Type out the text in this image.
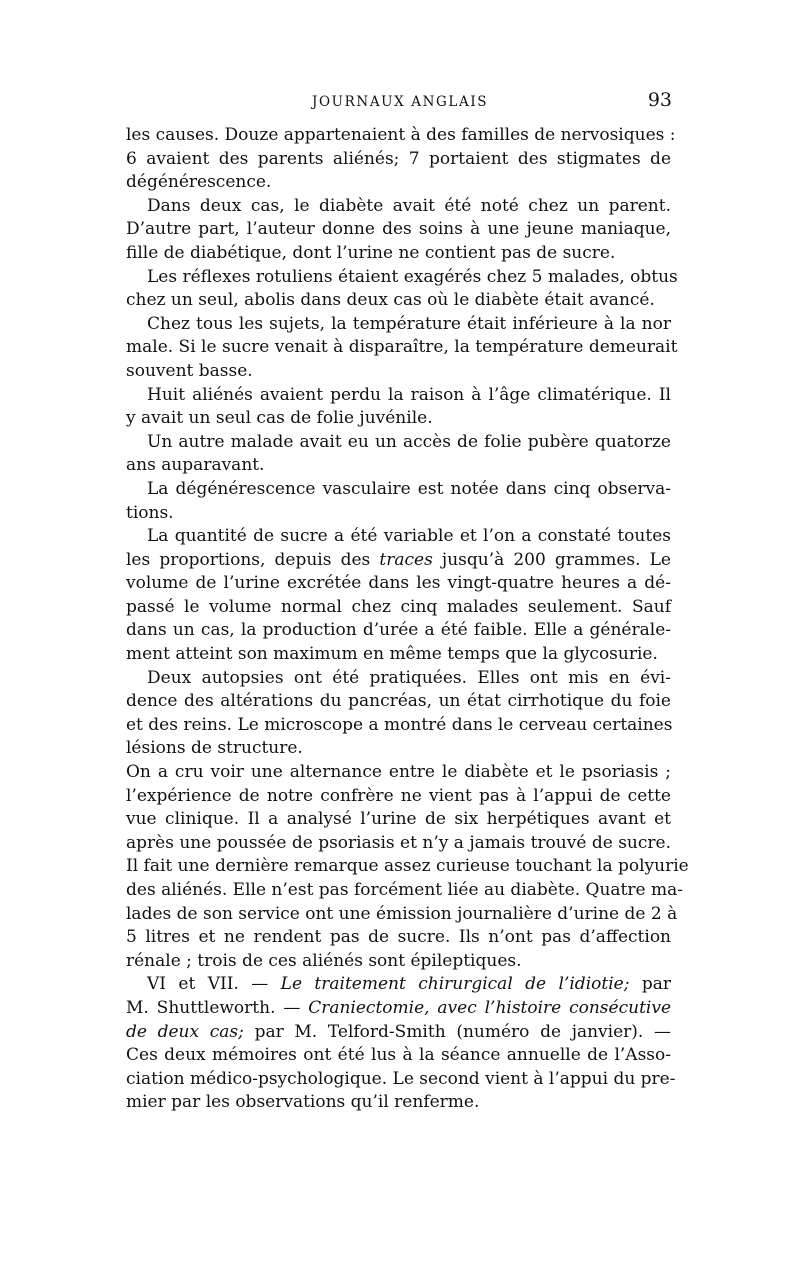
JOURNAUX ANGLAIS	93
les causes. Douze appartenaient à des familles de nervosiques :
6 avaient des parents aliénés; 7 portaient des stigmates de
dégénérescence.
Dans deux cas, le diabète avait été noté chez un parent.
D’autre part, l’auteur donne des soins à une jeune maniaque,
fille de diabétique, dont l’urine ne contient pas de sucre.
Les réflexes rotuliens étaient exagérés chez 5 malades, obtus
chez un seul, abolis dans deux cas où le diabète était avancé.
Chez tous les sujets, la température était inférieure à la nor
male. Si le sucre venait à disparaître, la température demeurait
souvent basse.
Huit aliénés avaient perdu la raison à l’âge climatérique. Il
y avait un seul cas de folie juvénile.
Un autre malade avait eu un accès de folie pubère quatorze
ans auparavant.
La dégénérescence vasculaire est notée dans cinq observa-
tions.
La quantité de sucre a été variable et l’on a constaté toutes
les proportions, depuis des traces jusqu’à 200 grammes. Le
volume de l’urine excrétée dans les vingt-quatre heures a dé-
passé le volume normal chez cinq malades seulement. Sauf
dans un cas, la production d’urée a été faible. Elle a générale-
ment atteint son maximum en même temps que la glycosurie.
Deux autopsies ont été pratiquées. Elles ont mis en évi-
dence des altérations du pancréas, un état cirrhotique du foie
et des reins. Le microscope a montré dans le cerveau certaines
lésions de structure.
On a cru voir une alternance entre le diabète et le psoriasis ;
l’expérience de notre confrère ne vient pas à l’appui de cette
vue clinique. Il a analysé l’urine de six herpétiques avant et
après une poussée de psoriasis et n’y a jamais trouvé de sucre.
Il fait une dernière remarque assez curieuse touchant la polyurie
des aliénés. Elle n’est pas forcément liée au diabète. Quatre ma-
lades de son service ont une émission journalière d’urine de 2 à
5 litres et ne rendent pas de sucre. Ils n’ont pas d’affection
rénale ; trois de ces aliénés sont épileptiques.
VI et VII. — Le traitement chirurgical de l’idiotie; par
M. Shuttleworth. — Craniectomie, avec l’histoire consécutive
de deux cas; par M. Telford-Smith (numéro de janvier). —
Ces deux mémoires ont été lus à la séance annuelle de l’Asso-
ciation médico-psychologique. Le second vient à l’appui du pre-
mier par les observations qu’il renferme.
